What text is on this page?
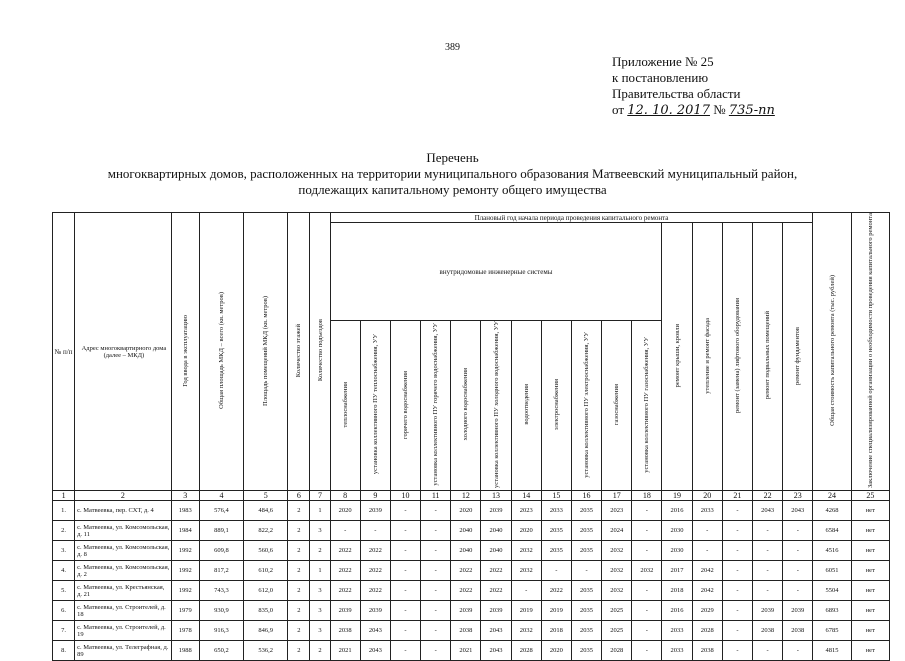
389
Приложение № 25
к постановлению
Правительства области
от 12. 10. 2017 № 735-пп
Перечень
многоквартирных домов, расположенных на территории муниципального образования Матвеевский муниципальный район,
подлежащих капитальному ремонту общего имущества
№ п/п	Адрес многоквартирного дома (далее – МКД)	Год ввода в эксплуатацию	Общая площадь МКД – всего (кв. метров)	Площадь помещений МКД (кв. метров)	Количество этажей	Количество подъездов	Плановый год начала периода проведения капитального ремонта																Общая стоимость капитального ремонта (тыс. рублей)	Заключение специализированной организации о необходимости проведения капитального ремонта
							внутридомовые инженерные системы											ремонт крыши, кровли	утепление и ремонт фасада	ремонт (замена) лифтового оборудования	ремонт подвальных помещений	ремонт фундаментов		
							теплоснабжения	установка коллективного ПУ теплоснабжения, УУ	горячего водоснабжения	установка коллективного ПУ горячего водоснабжения, УУ	холодного водоснабжения	установка коллективного ПУ холодного водоснабжения, УУ	водоотведения	электроснабжения	установка коллективного ПУ электроснабжения, УУ	газоснабжения	установка коллективного ПУ газоснабжения, УУ							
1	2	3	4	5	6	7	8	9	10	11	12	13	14	15	16	17	18	19	20	21	22	23	24	25
1.	с. Матвеевка, пер. СХТ, д. 4	1983	576,4	484,6	2	1	2020	2039	-	-	2020	2039	2023	2033	2035	2023	-	2016	2033	-	2043	2043	4268	нет
2.	с. Матвеевка, ул. Комсомольская, д. 11	1984	889,1	822,2	2	3	-	-	-	-	2040	2040	2020	2035	2035	2024	-	2030	-	-	-	-	6584	нет
3.	с. Матвеевка, ул. Комсомольская, д. 8	1992	609,8	560,6	2	2	2022	2022	-	-	2040	2040	2032	2035	2035	2032	-	2030	-	-	-	-	4516	нет
4.	с. Матвеевка, ул. Комсомольская, д. 2	1992	817,2	610,2	2	1	2022	2022	-	-	2022	2022	2032	-	-	2032	2032	2017	2042	-	-	-	6051	нет
5.	с. Матвеевка, ул. Крестьянская, д. 21	1992	743,3	612,0	2	3	2022	2022	-	-	2022	2022	-	2022	2035	2032	-	2018	2042	-	-	-	5504	нет
6.	с. Матвеевка, ул. Строителей, д. 18	1979	930,9	835,0	2	3	2039	2039	-	-	2039	2039	2019	2019	2035	2025	-	2016	2029	-	2039	2039	6893	нет
7.	с. Матвеевка, ул. Строителей, д. 19	1978	916,3	846,9	2	3	2038	2043	-	-	2038	2043	2032	2018	2035	2025	-	2033	2028	-	2038	2038	6785	нет
8.	с. Матвеевка, ул. Телеграфная, д. 89	1988	650,2	536,2	2	2	2021	2043	-	-	2021	2043	2028	2020	2035	2028	-	2033	2038	-	-	-	4815	нет
